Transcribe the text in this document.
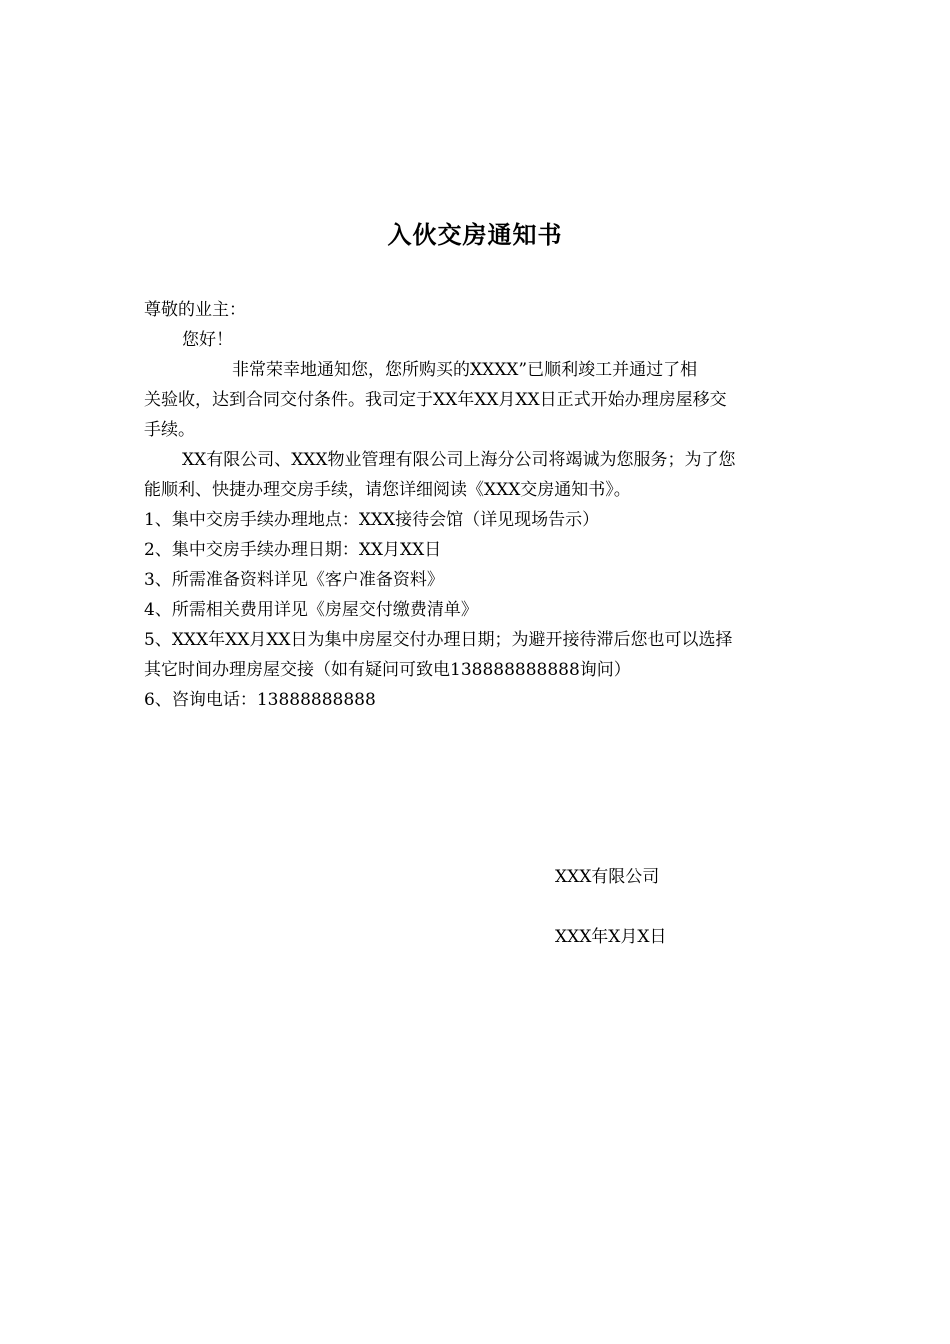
入伙交房通知书
尊敬的业主：
您好！
非常荣幸地通知您，您所购买的XXXX”已顺利竣工并通过了相
关验收，达到合同交付条件。我司定于XX年XX月XX日正式开始办理房屋移交
手续。
XX有限公司、XXX物业管理有限公司上海分公司将竭诚为您服务；为了您
能顺利、快捷办理交房手续，请您详细阅读《XXX交房通知书》。
1、集中交房手续办理地点：XXX接待会馆（详见现场告示）
2、集中交房手续办理日期：XX月XX日
3、所需准备资料详见《客户准备资料》
4、所需相关费用详见《房屋交付缴费清单》
5、XXX年XX月XX日为集中房屋交付办理日期；为避开接待滞后您也可以选择
其它时间办理房屋交接（如有疑问可致电138888888888询问）
6、咨询电话：13888888888
XXX有限公司
XXX年X月X日
